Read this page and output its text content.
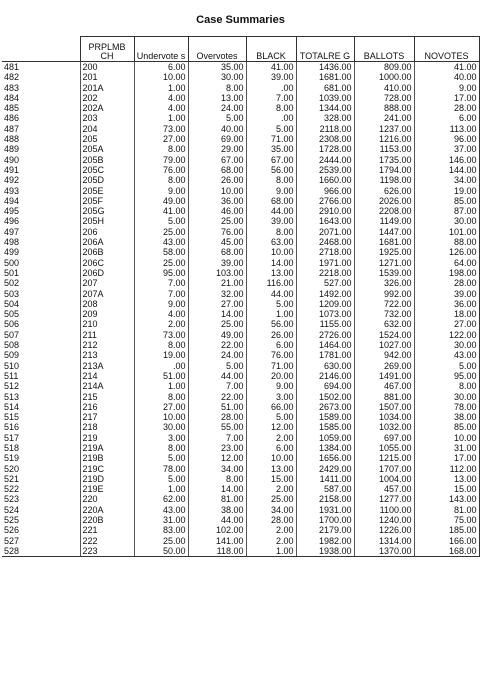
Case Summaries
	PRPLMB CH	Undervote s	Overvotes	BLACK	TOTALRE G	BALLOTS	NOVOTES
481	200	6.00	35.00	41.00	1436.00	809.00	41.00
482	201	10.00	30.00	39.00	1681.00	1000.00	40.00
483	201A	1.00	8.00	.00	681.00	410.00	9.00
484	202	4.00	13.00	7.00	1039.00	728.00	17.00
485	202A	4.00	24.00	8.00	1344.00	888.00	28.00
486	203	1.00	5.00	.00	328.00	241.00	6.00
487	204	73.00	40.00	5.00	2118.00	1237.00	113.00
488	205	27.00	69.00	71.00	2308.00	1216.00	96.00
489	205A	8.00	29.00	35.00	1728.00	1153.00	37.00
490	205B	79.00	67.00	67.00	2444.00	1735.00	146.00
491	205C	76.00	68.00	56.00	2539.00	1794.00	144.00
492	205D	8.00	26.00	8.00	1660.00	1198.00	34.00
493	205E	9.00	10.00	9.00	966.00	626.00	19.00
494	205F	49.00	36.00	68.00	2766.00	2026.00	85.00
495	205G	41.00	46.00	44.00	2910.00	2208.00	87.00
496	205H	5.00	25.00	39.00	1643.00	1149.00	30.00
497	206	25.00	76.00	8.00	2071.00	1447.00	101.00
498	206A	43.00	45.00	63.00	2468.00	1681.00	88.00
499	206B	58.00	68.00	10.00	2718.00	1925.00	126.00
500	206C	25.00	39.00	14.00	1971.00	1271.00	64.00
501	206D	95.00	103.00	13.00	2218.00	1539.00	198.00
502	207	7.00	21.00	116.00	527.00	326.00	28.00
503	207A	7.00	32.00	44.00	1492.00	992.00	39.00
504	208	9.00	27.00	5.00	1209.00	722.00	36.00
505	209	4.00	14.00	1.00	1073.00	732.00	18.00
506	210	2.00	25.00	56.00	1155.00	632.00	27.00
507	211	73.00	49.00	26.00	2726.00	1524.00	122.00
508	212	8.00	22.00	6.00	1464.00	1027.00	30.00
509	213	19.00	24.00	76.00	1781.00	942.00	43.00
510	213A	.00	5.00	71.00	630.00	269.00	5.00
511	214	51.00	44.00	20.00	2146.00	1491.00	95.00
512	214A	1.00	7.00	9.00	694.00	467.00	8.00
513	215	8.00	22.00	3.00	1502.00	881.00	30.00
514	216	27.00	51.00	66.00	2673.00	1507.00	78.00
515	217	10.00	28.00	5.00	1589.00	1034.00	38.00
516	218	30.00	55.00	12.00	1585.00	1032.00	85.00
517	219	3.00	7.00	2.00	1059.00	697.00	10.00
518	219A	8.00	23.00	6.00	1384.00	1055.00	31.00
519	219B	5.00	12.00	10.00	1656.00	1215.00	17.00
520	219C	78.00	34.00	13.00	2429.00	1707.00	112.00
521	219D	5.00	8.00	15.00	1411.00	1004.00	13.00
522	219E	1.00	14.00	2.00	587.00	457.00	15.00
523	220	62.00	81.00	25.00	2158.00	1277.00	143.00
524	220A	43.00	38.00	34.00	1931.00	1100.00	81.00
525	220B	31.00	44.00	28.00	1700.00	1240.00	75.00
526	221	83.00	102.00	2.00	2179.00	1226.00	185.00
527	222	25.00	141.00	2.00	1982.00	1314.00	166.00
528	223	50.00	118.00	1.00	1938.00	1370.00	168.00
